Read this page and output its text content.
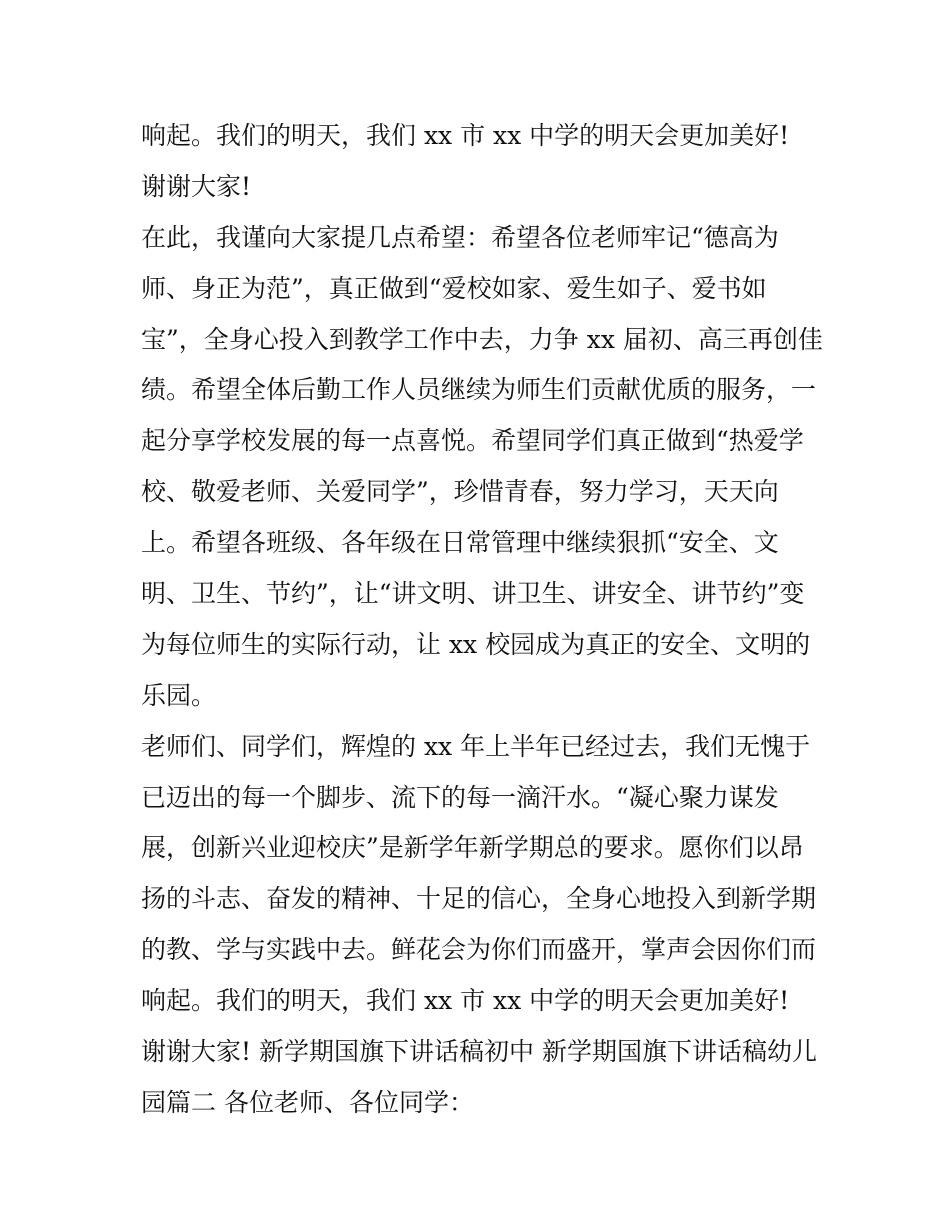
响起。我们的明天，我们 xx 市 xx 中学的明天会更加美好!
谢谢大家!
在此，我谨向大家提几点希望：希望各位老师牢记“德高为
师、身正为范”，真正做到“爱校如家、爱生如子、爱书如
宝”，全身心投入到教学工作中去，力争 xx 届初、高三再创佳
绩。希望全体后勤工作人员继续为师生们贡献优质的服务，一
起分享学校发展的每一点喜悦。希望同学们真正做到“热爱学
校、敬爱老师、关爱同学”，珍惜青春，努力学习，天天向
上。希望各班级、各年级在日常管理中继续狠抓“安全、文
明、卫生、节约”，让“讲文明、讲卫生、讲安全、讲节约”变
为每位师生的实际行动，让 xx 校园成为真正的安全、文明的
乐园。
老师们、同学们，辉煌的 xx 年上半年已经过去，我们无愧于
已迈出的每一个脚步、流下的每一滴汗水。“凝心聚力谋发
展，创新兴业迎校庆”是新学年新学期总的要求。愿你们以昂
扬的斗志、奋发的精神、十足的信心，全身心地投入到新学期
的教、学与实践中去。鲜花会为你们而盛开，掌声会因你们而
响起。我们的明天，我们 xx 市 xx 中学的明天会更加美好!
谢谢大家! 新学期国旗下讲话稿初中 新学期国旗下讲话稿幼儿
园篇二 各位老师、各位同学：
